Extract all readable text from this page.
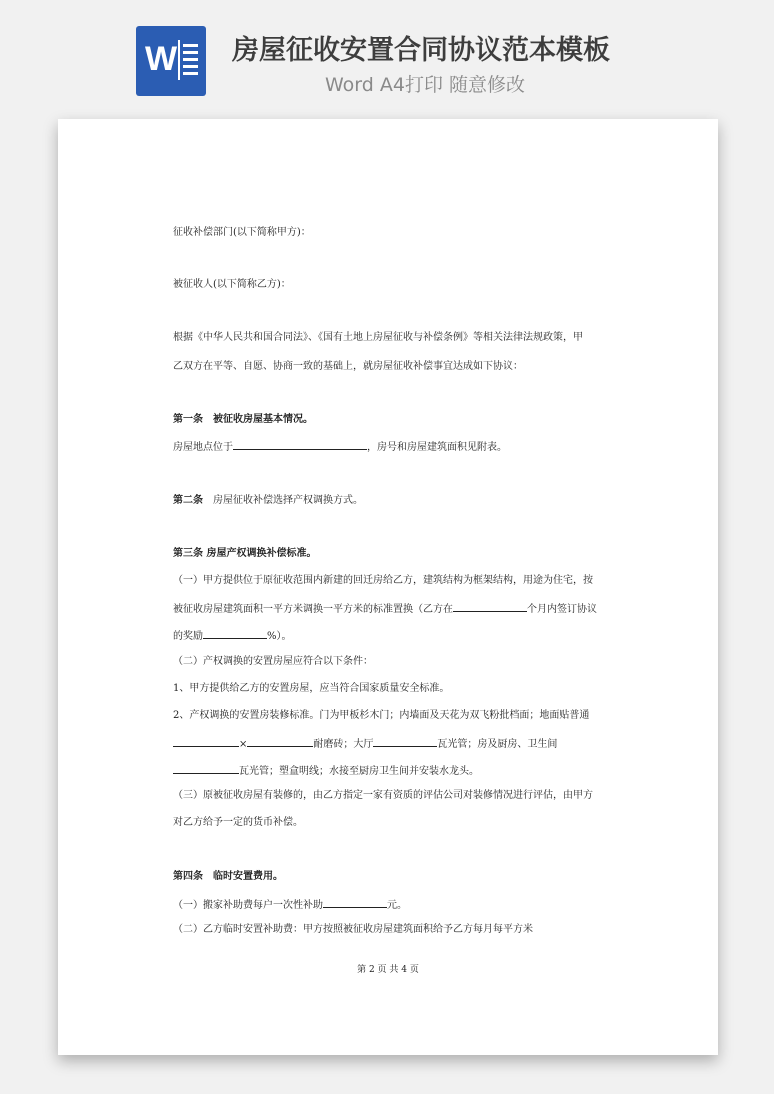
W 房屋征收安置合同协议范本模板
Word A4打印 随意修改

征收补偿部门(以下简称甲方)：
被征收人(以下简称乙方)：
根据《中华人民共和国合同法》、《国有土地上房屋征收与补偿条例》等相关法律法规政策，甲
乙双方在平等、自愿、协商一致的基础上，就房屋征收补偿事宜达成如下协议：
第一条　被征收房屋基本情况。
房屋地点位于	，房号和房屋建筑面积见附表。
第二条　房屋征收补偿选择产权调换方式。
第三条 房屋产权调换补偿标准。
（一）甲方提供位于原征收范围内新建的回迁房给乙方，建筑结构为框架结构，用途为住宅，按
被征收房屋建筑面积一平方米调换一平方米的标准置换（乙方在	个月内签订协议
的奖励	%）。
（二）产权调换的安置房屋应符合以下条件：
1、甲方提供给乙方的安置房屋，应当符合国家质量安全标准。
2、产权调换的安置房装修标准。门为甲板杉木门；内墙面及天花为双飞粉批档面；地面贴普通
×	耐磨砖；大厅	瓦光管；房及厨房、卫生间
瓦光管；塑盒明线；水接至厨房卫生间并安装水龙头。
（三）原被征收房屋有装修的，由乙方指定一家有资质的评估公司对装修情况进行评估，由甲方
对乙方给予一定的货币补偿。
第四条　临时安置费用。
（一）搬家补助费每户一次性补助	元。
（二）乙方临时安置补助费：甲方按照被征收房屋建筑面积给予乙方每月每平方米
第 2 页 共 4 页
